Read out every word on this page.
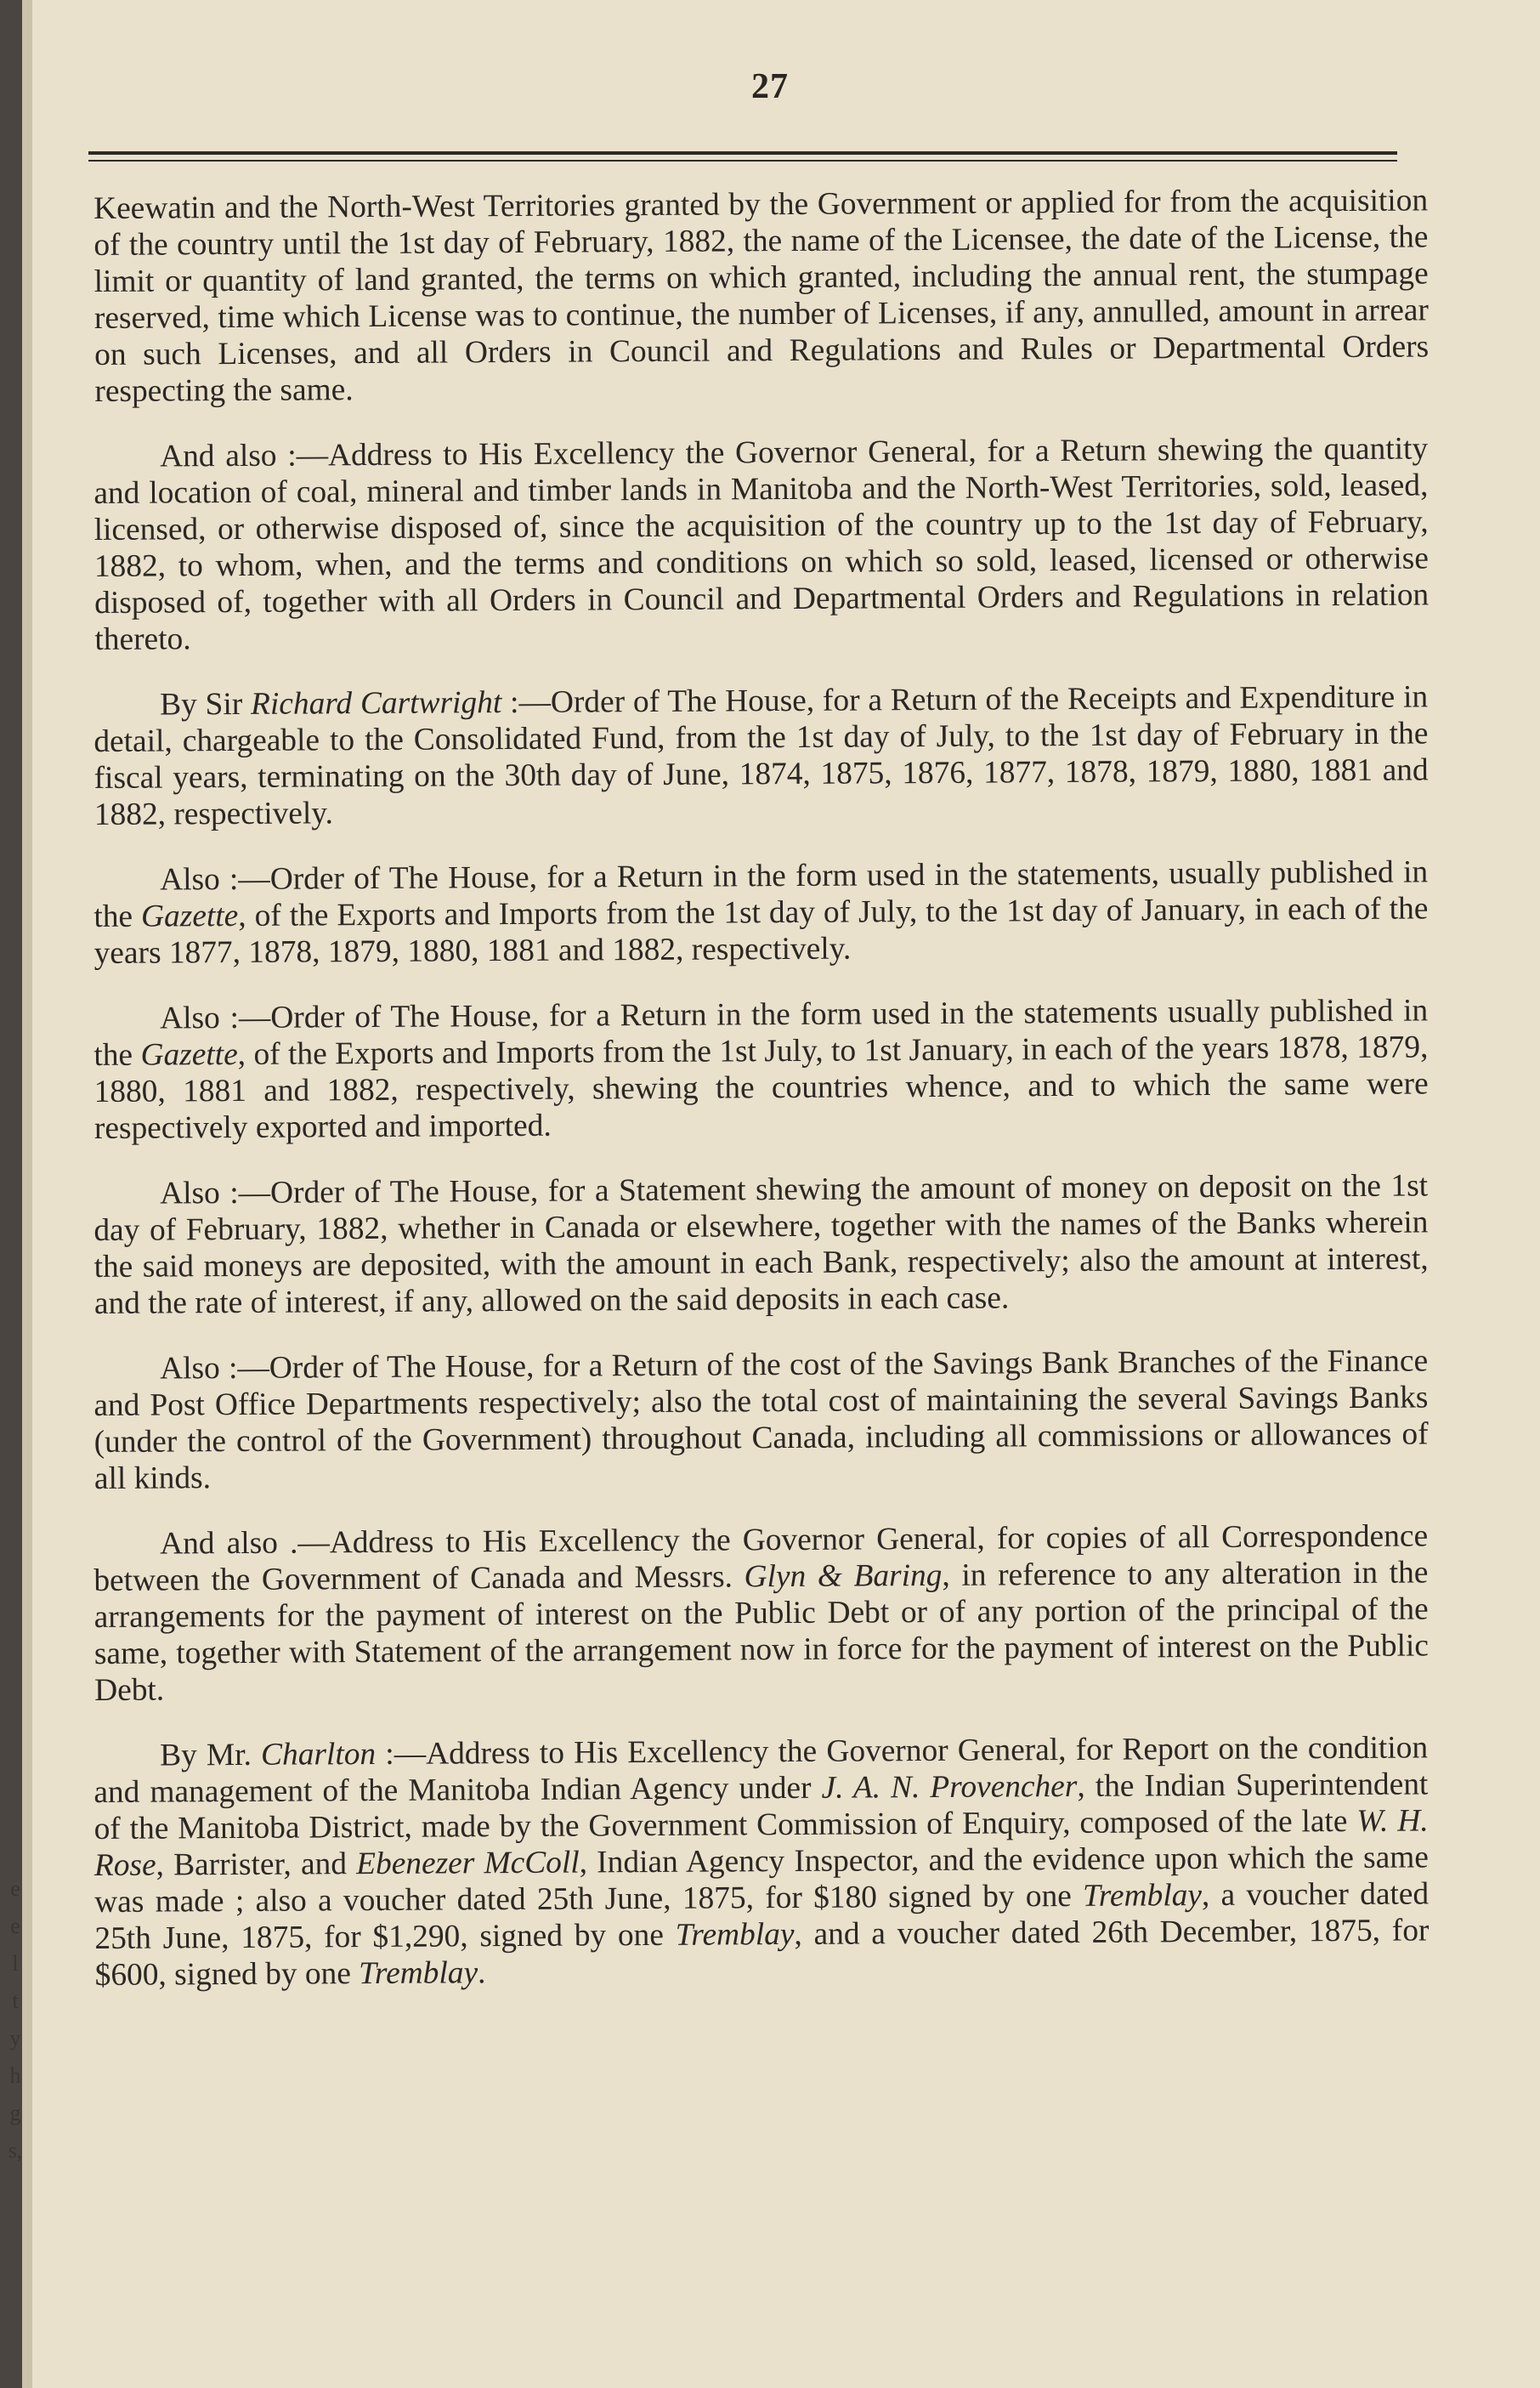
e
e
l
t
y
h
g
s,
27

Keewatin and the North-West Territories granted by the Government or applied for from the acquisition of the country until the 1st day of February, 1882, the name of the Licensee, the date of the License, the limit or quantity of land granted, the terms on which granted, including the annual rent, the stumpage reserved, time which License was to continue, the number of Licenses, if any, annulled, amount in arrear on such Licenses, and all Orders in Council and Regulations and Rules or Departmental Orders respecting the same.

And also :—Address to His Excellency the Governor General, for a Return shewing the quantity and location of coal, mineral and timber lands in Manitoba and the North-West Territories, sold, leased, licensed, or otherwise disposed of, since the acquisition of the country up to the 1st day of February, 1882, to whom, when, and the terms and conditions on which so sold, leased, licensed or otherwise disposed of, together with all Orders in Council and Departmental Orders and Regulations in relation thereto.

By Sir Richard Cartwright :—Order of The House, for a Return of the Receipts and Expenditure in detail, chargeable to the Consolidated Fund, from the 1st day of July, to the 1st day of February in the fiscal years, terminating on the 30th day of June, 1874, 1875, 1876, 1877, 1878, 1879, 1880, 1881 and 1882, respectively.

Also :—Order of The House, for a Return in the form used in the statements, usually published in the Gazette, of the Exports and Imports from the 1st day of July, to the 1st day of January, in each of the years 1877, 1878, 1879, 1880, 1881 and 1882, respectively.

Also :—Order of The House, for a Return in the form used in the statements usually published in the Gazette, of the Exports and Imports from the 1st July, to 1st January, in each of the years 1878, 1879, 1880, 1881 and 1882, respectively, shewing the countries whence, and to which the same were respectively exported and imported.

Also :—Order of The House, for a Statement shewing the amount of money on deposit on the 1st day of February, 1882, whether in Canada or elsewhere, together with the names of the Banks wherein the said moneys are deposited, with the amount in each Bank, respectively; also the amount at interest, and the rate of interest, if any, allowed on the said deposits in each case.

Also :—Order of The House, for a Return of the cost of the Savings Bank Branches of the Finance and Post Office Departments respectively; also the total cost of maintaining the several Savings Banks (under the control of the Government) throughout Canada, including all commissions or allowances of all kinds.

And also .—Address to His Excellency the Governor General, for copies of all Correspondence between the Government of Canada and Messrs. Glyn & Baring, in reference to any alteration in the arrangements for the payment of interest on the Public Debt or of any portion of the principal of the same, together with Statement of the arrangement now in force for the payment of interest on the Public Debt.

By Mr. Charlton :—Address to His Excellency the Governor General, for Report on the condition and management of the Manitoba Indian Agency under J. A. N. Provencher, the Indian Superintendent of the Manitoba District, made by the Government Commission of Enquiry, composed of the late W. H. Rose, Barrister, and Ebenezer McColl, Indian Agency Inspector, and the evidence upon which the same was made ; also a voucher dated 25th June, 1875, for $180 signed by one Tremblay, a voucher dated 25th June, 1875, for $1,290, signed by one Tremblay, and a voucher dated 26th December, 1875, for $600, signed by one Tremblay.
